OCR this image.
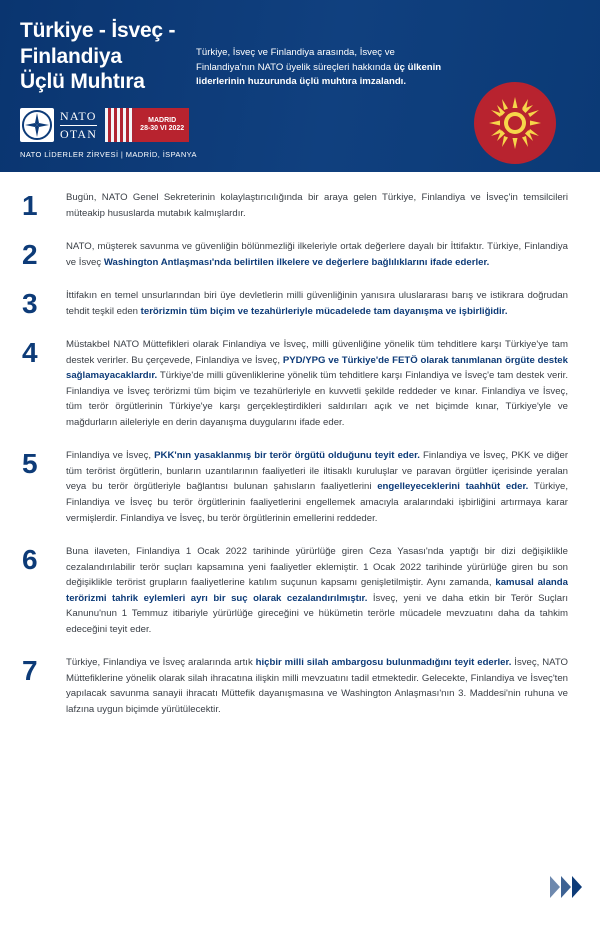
Türkiye - İsveç - Finlandiya
Üçlü Muhtıra
Türkiye, İsveç ve Finlandiya arasında, İsveç ve Finlandiya'nın NATO üyelik süreçleri hakkında üç ülkenin liderlerinin huzurunda üçlü muhtıra imzalandı.
NATO
OTAN
MADRID
28-30 VI 2022
NATO LİDERLER ZİRVESİ | MADRİD, İSPANYA
1	Bugün, NATO Genel Sekreterinin kolaylaştırıcılığında bir araya gelen Türkiye, Finlandiya ve İsveç'in temsilcileri müteakip hususlarda mutabık kalmışlardır.
2	NATO, müşterek savunma ve güvenliğin bölünmezliği ilkeleriyle ortak değerlere dayalı bir İttifaktır. Türkiye, Finlandiya ve İsveç Washington Antlaşması'nda belirtilen ilkelere ve değerlere bağlılıklarını ifade ederler.
3	İttifakın en temel unsurlarından biri üye devletlerin milli güvenliğinin yanısıra uluslararası barış ve istikrara doğrudan tehdit teşkil eden terörizmin tüm biçim ve tezahürleriyle mücadelede tam dayanışma ve işbirliğidir.
4	Müstakbel NATO Müttefikleri olarak Finlandiya ve İsveç, milli güvenliğine yönelik tüm tehditlere karşı Türkiye'ye tam destek verirler. Bu çerçevede, Finlandiya ve İsveç, PYD/YPG ve Türkiye'de FETÖ olarak tanımlanan örgüte destek sağlamayacaklardır. Türkiye'de milli güvenliklerine yönelik tüm tehditlere karşı Finlandiya ve İsveç'e tam destek verir. Finlandiya ve İsveç terörizmi tüm biçim ve tezahürleriyle en kuvvetli şekilde reddeder ve kınar. Finlandiya ve İsveç, tüm terör örgütlerinin Türkiye'ye karşı gerçekleştirdikleri saldırıları açık ve net biçimde kınar, Türkiye'yle ve mağdurların aileleriyle en derin dayanışma duygularını ifade eder.
5	Finlandiya ve İsveç, PKK'nın yasaklanmış bir terör örgütü olduğunu teyit eder. Finlandiya ve İsveç, PKK ve diğer tüm terörist örgütlerin, bunların uzantılarının faaliyetleri ile iltisaklı kuruluşlar ve paravan örgütler içerisinde yeralan veya bu terör örgütleriyle bağlantısı bulunan şahısların faaliyetlerini engelleyeceklerini taahhüt eder. Türkiye, Finlandiya ve İsveç bu terör örgütlerinin faaliyetlerini engellemek amacıyla aralarındaki işbirliğini artırmaya karar vermişlerdir. Finlandiya ve İsveç, bu terör örgütlerinin emellerini reddeder.
6	Buna ilaveten, Finlandiya 1 Ocak 2022 tarihinde yürürlüğe giren Ceza Yasası'nda yaptığı bir dizi değişiklikle cezalandırılabilir terör suçları kapsamına yeni faaliyetler eklemiştir. 1 Ocak 2022 tarihinde yürürlüğe giren bu son değişiklikle terörist grupların faaliyetlerine katılım suçunun kapsamı genişletilmiştir. Aynı zamanda, kamusal alanda terörizmi tahrik eylemleri ayrı bir suç olarak cezalandırılmıştır. İsveç, yeni ve daha etkin bir Terör Suçları Kanunu'nun 1 Temmuz itibariyle yürürlüğe gireceğini ve hükümetin terörle mücadele mevzuatını daha da tahkim edeceğini teyit eder.
7	Türkiye, Finlandiya ve İsveç aralarında artık hiçbir milli silah ambargosu bulunmadığını teyit ederler. İsveç, NATO Müttefiklerine yönelik olarak silah ihracatına ilişkin milli mevzuatını tadil etmektedir. Gelecekte, Finlandiya ve İsveç'ten yapılacak savunma sanayii ihracatı Müttefik dayanışmasına ve Washington Anlaşması'nın 3. Maddesi'nin ruhuna ve lafzına uygun biçimde yürütülecektir.
